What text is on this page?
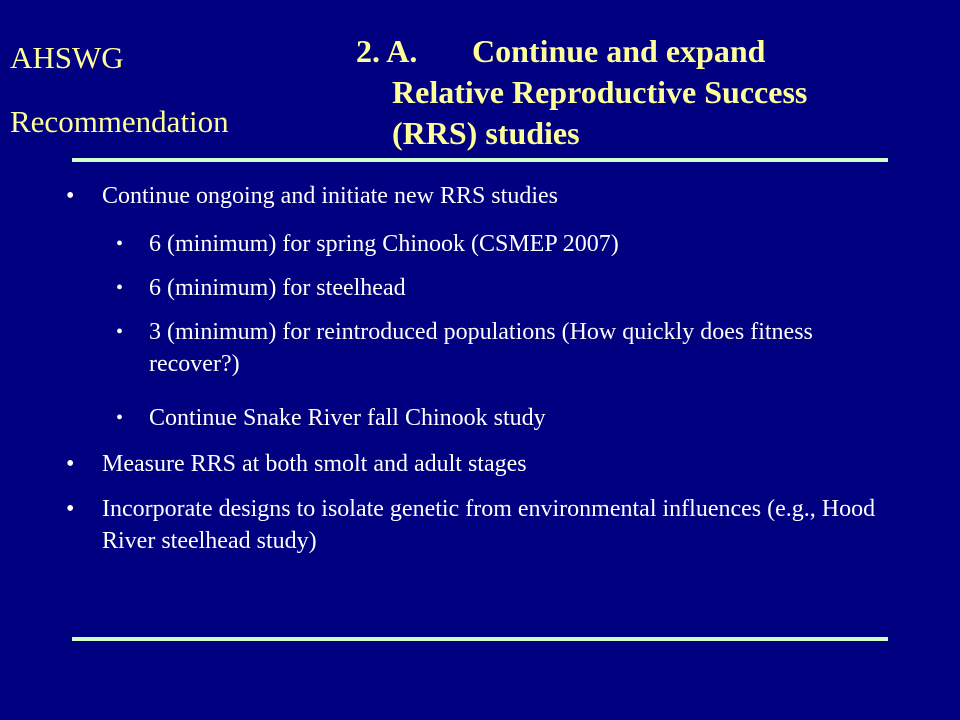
AHSWG
Recommendation
2. A. Continue and expand
Relative Reproductive Success
(RRS) studies
• Continue ongoing and initiate new RRS studies
• 6 (minimum) for spring Chinook (CSMEP 2007)
• 6 (minimum) for steelhead
• 3 (minimum) for reintroduced populations (How quickly does fitness recover?)
• Continue Snake River fall Chinook study
• Measure RRS at both smolt and adult stages
• Incorporate designs to isolate genetic from environmental influences (e.g., Hood River steelhead study)
